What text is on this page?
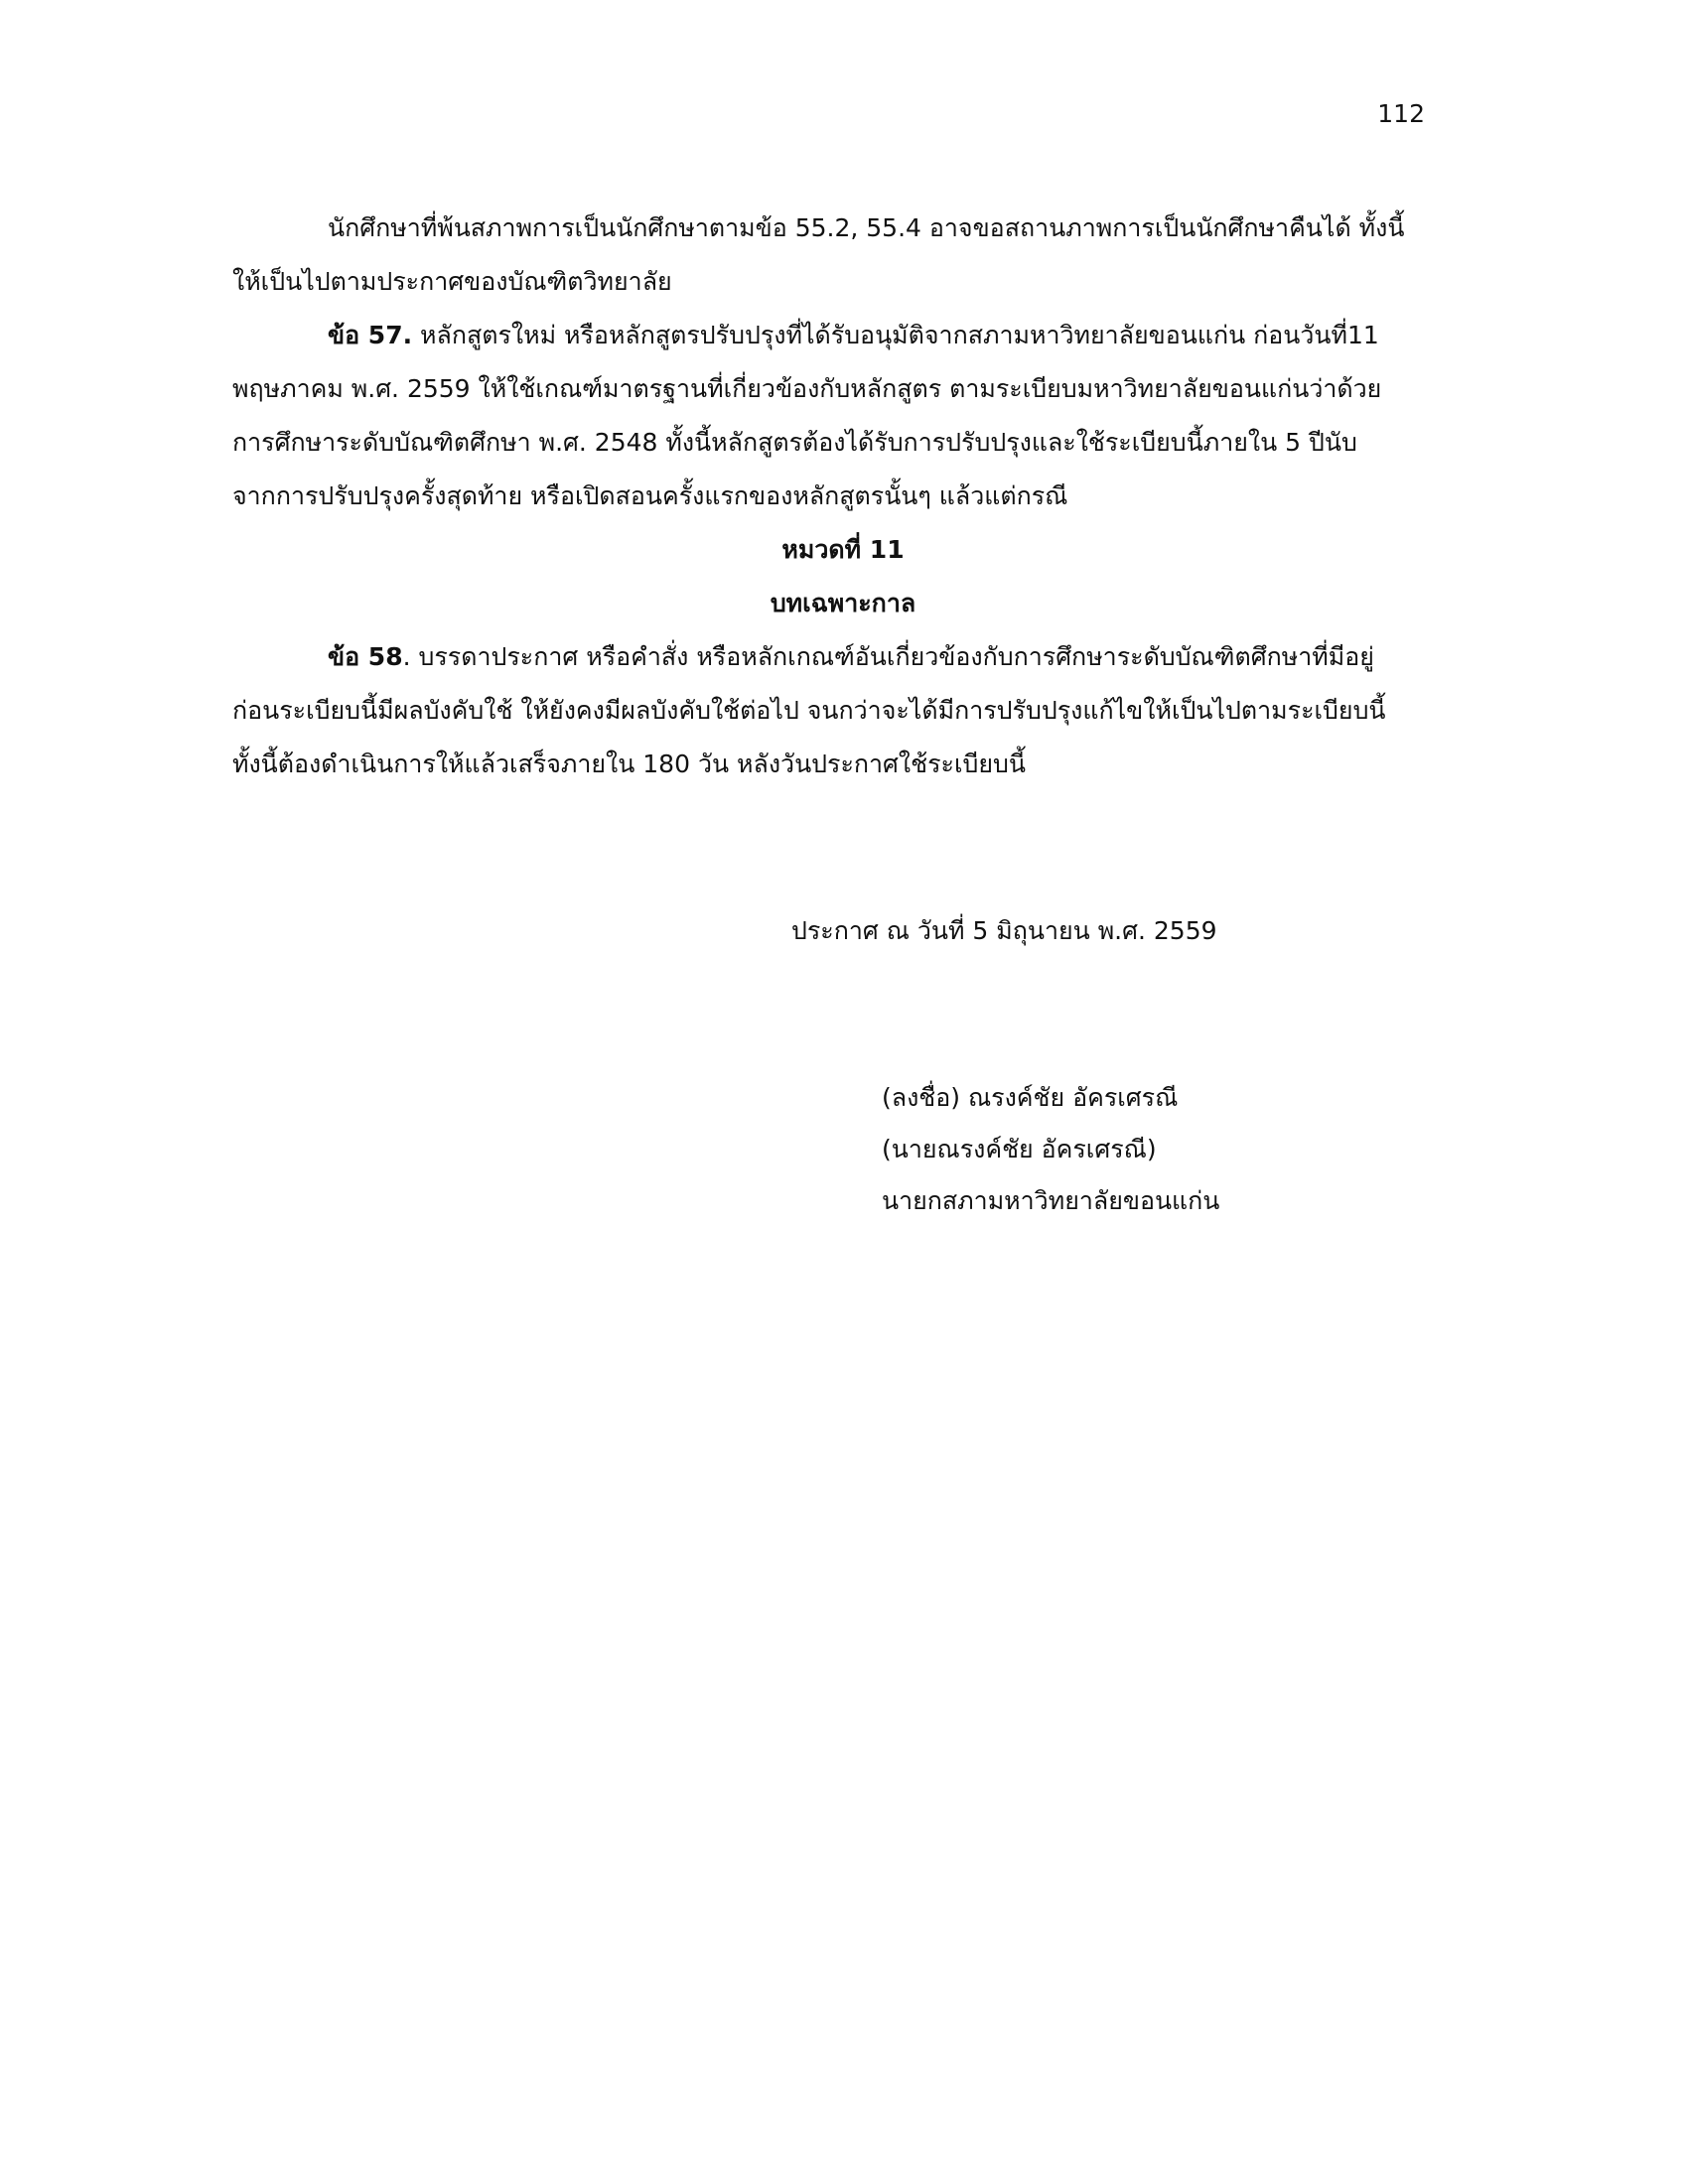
112
นักศึกษาที่พ้นสภาพการเป็นนักศึกษาตามข้อ 55.2, 55.4 อาจขอสถานภาพการเป็นนักศึกษาคืนได้ ทั้งนี้
ให้เป็นไปตามประกาศของบัณฑิตวิทยาลัย
ข้อ 57. หลักสูตรใหม่ หรือหลักสูตรปรับปรุงที่ได้รับอนุมัติจากสภามหาวิทยาลัยขอนแก่น ก่อนวันที่11
พฤษภาคม พ.ศ. 2559 ให้ใช้เกณฑ์มาตรฐานที่เกี่ยวข้องกับหลักสูตร ตามระเบียบมหาวิทยาลัยขอนแก่นว่าด้วย
การศึกษาระดับบัณฑิตศึกษา พ.ศ. 2548 ทั้งนี้หลักสูตรต้องได้รับการปรับปรุงและใช้ระเบียบนี้ภายใน 5 ปีนับ
จากการปรับปรุงครั้งสุดท้าย หรือเปิดสอนครั้งแรกของหลักสูตรนั้นๆ แล้วแต่กรณี
หมวดที่ 11
บทเฉพาะกาล
ข้อ 58. บรรดาประกาศ หรือคำสั่ง หรือหลักเกณฑ์อันเกี่ยวข้องกับการศึกษาระดับบัณฑิตศึกษาที่มีอยู่
ก่อนระเบียบนี้มีผลบังคับใช้ ให้ยังคงมีผลบังคับใช้ต่อไป จนกว่าจะได้มีการปรับปรุงแก้ไขให้เป็นไปตามระเบียบนี้
ทั้งนี้ต้องดำเนินการให้แล้วเสร็จภายใน 180 วัน หลังวันประกาศใช้ระเบียบนี้
ประกาศ ณ วันที่ 5 มิถุนายน พ.ศ. 2559
(ลงชื่อ) ณรงค์ชัย อัครเศรณี
(นายณรงค์ชัย อัครเศรณี)
นายกสภามหาวิทยาลัยขอนแก่น
